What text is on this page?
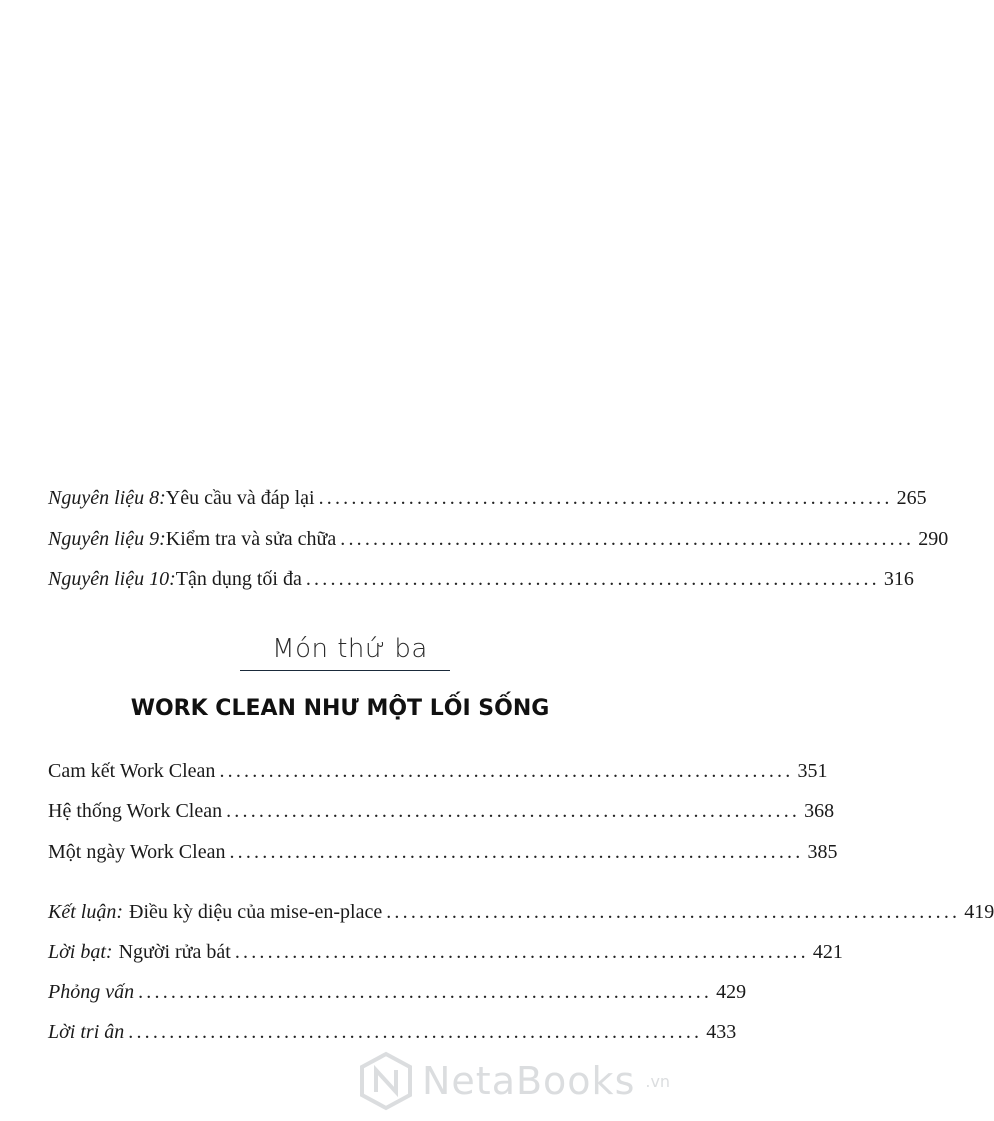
Nguyên liệu 8: Yêu cầu và đáp lại ...................................................................... 265
Nguyên liệu 9: Kiểm tra và sửa chữa ...................................................................... 290
Nguyên liệu 10: Tận dụng tối đa ...................................................................... 316
Món thứ ba
WORK CLEAN NHƯ MỘT LỐI SỐNG
Cam kết Work Clean ...................................................................... 351
Hệ thống Work Clean ...................................................................... 368
Một ngày Work Clean ...................................................................... 385
Kết luận: Điều kỳ diệu của mise-en-place ...................................................................... 419
Lời bạt: Người rửa bát ...................................................................... 421
Phỏng vấn ...................................................................... 429
Lời tri ân ...................................................................... 433
NetaBooks .vn
